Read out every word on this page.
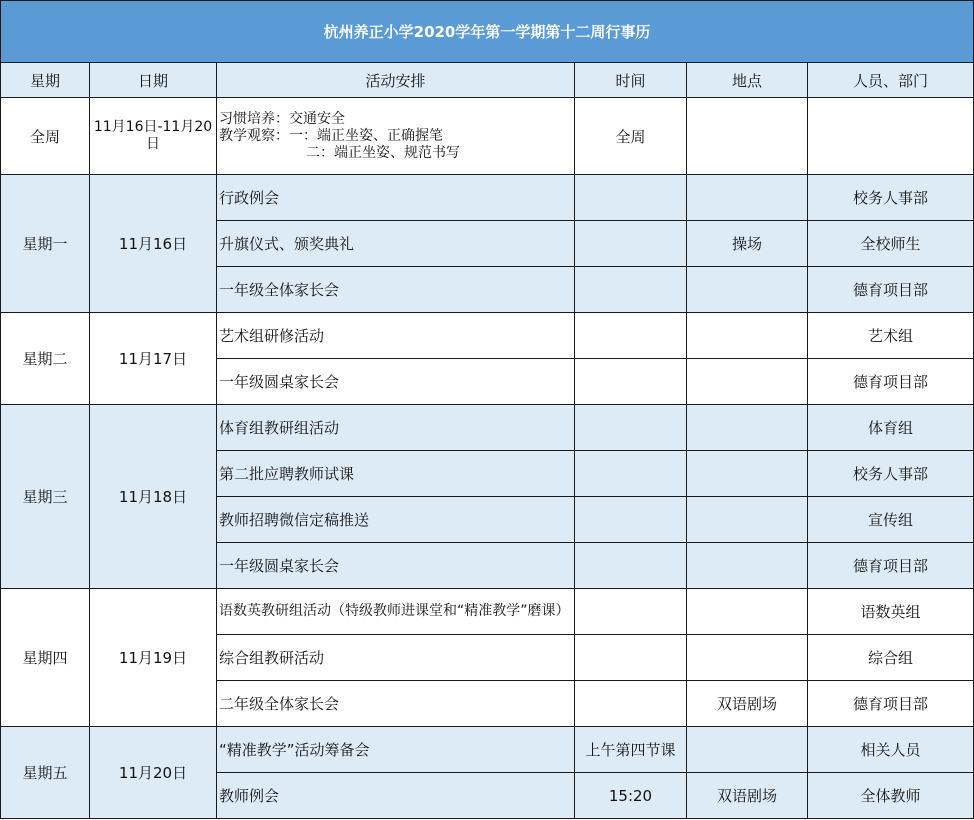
杭州养正小学2020学年第一学期第十二周行事历					
星期	日期	活动安排	时间	地点	人员、部门
全周	11月16日-11月20日	习惯培养：交通安全
教学观察：一：端正坐姿、正确握笔
二：端正坐姿、规范书写	全周		
星期一	11月16日	行政例会			校务人事部
		升旗仪式、颁奖典礼		操场	全校师生
		一年级全体家长会			德育项目部
星期二	11月17日	艺术组研修活动			艺术组
		一年级圆桌家长会			德育项目部
星期三	11月18日	体育组教研组活动			体育组
		第二批应聘教师试课			校务人事部
		教师招聘微信定稿推送			宣传组
		一年级圆桌家长会			德育项目部
星期四	11月19日	语数英教研组活动（特级教师进课堂和“精准教学”磨课）			语数英组
		综合组教研活动			综合组
		二年级全体家长会		双语剧场	德育项目部
星期五	11月20日	“精准教学”活动筹备会	上午第四节课		相关人员
		教师例会	15:20	双语剧场	全体教师
